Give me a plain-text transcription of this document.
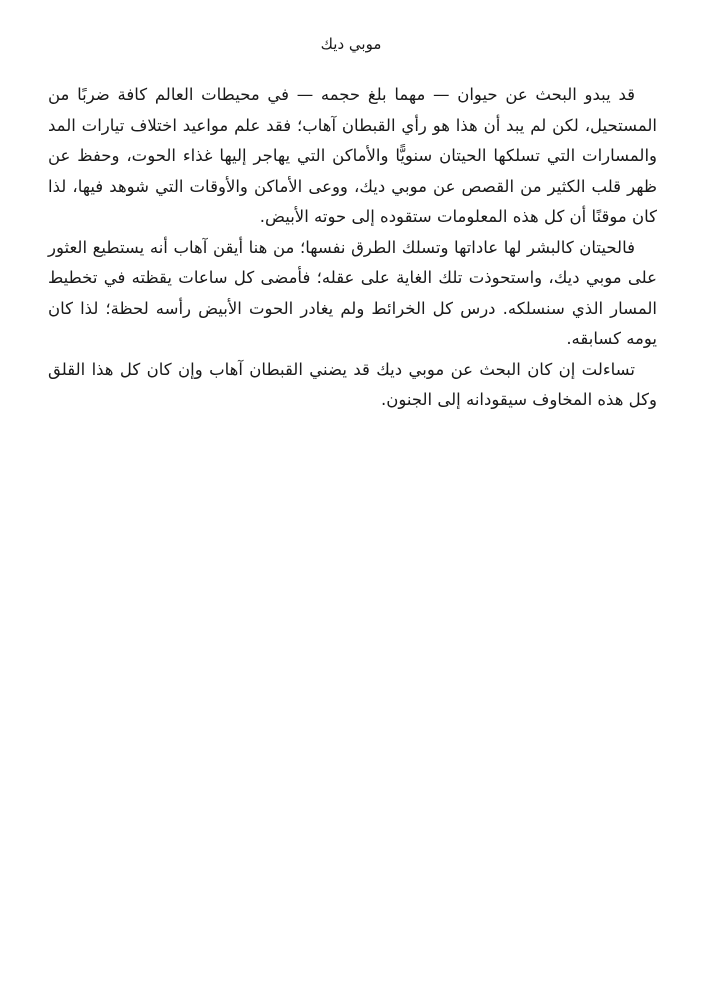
موبي ديك

قد يبدو البحث عن حيوان — مهما بلغ حجمه — في محيطات العالم كافة ضربًا من المستحيل، لكن لم يبد أن هذا هو رأي القبطان آهاب؛ فقد علم مواعيد اختلاف تيارات المد والمسارات التي تسلكها الحيتان سنويًّا والأماكن التي يهاجر إليها غذاء الحوت، وحفظ عن ظهر قلب الكثير من القصص عن موبي ديك، ووعى الأماكن والأوقات التي شوهد فيها، لذا كان موقنًا أن كل هذه المعلومات ستقوده إلى حوته الأبيض.

فالحيتان كالبشر لها عاداتها وتسلك الطرق نفسها؛ من هنا أيقن آهاب أنه يستطيع العثور على موبي ديك، واستحوذت تلك الغاية على عقله؛ فأمضى كل ساعات يقظته في تخطيط المسار الذي سنسلكه. درس كل الخرائط ولم يغادر الحوت الأبيض رأسه لحظة؛ لذا كان يومه كسابقه.

تساءلت إن كان البحث عن موبي ديك قد يضني القبطان آهاب وإن كان كل هذا القلق وكل هذه المخاوف سيقودانه إلى الجنون.
